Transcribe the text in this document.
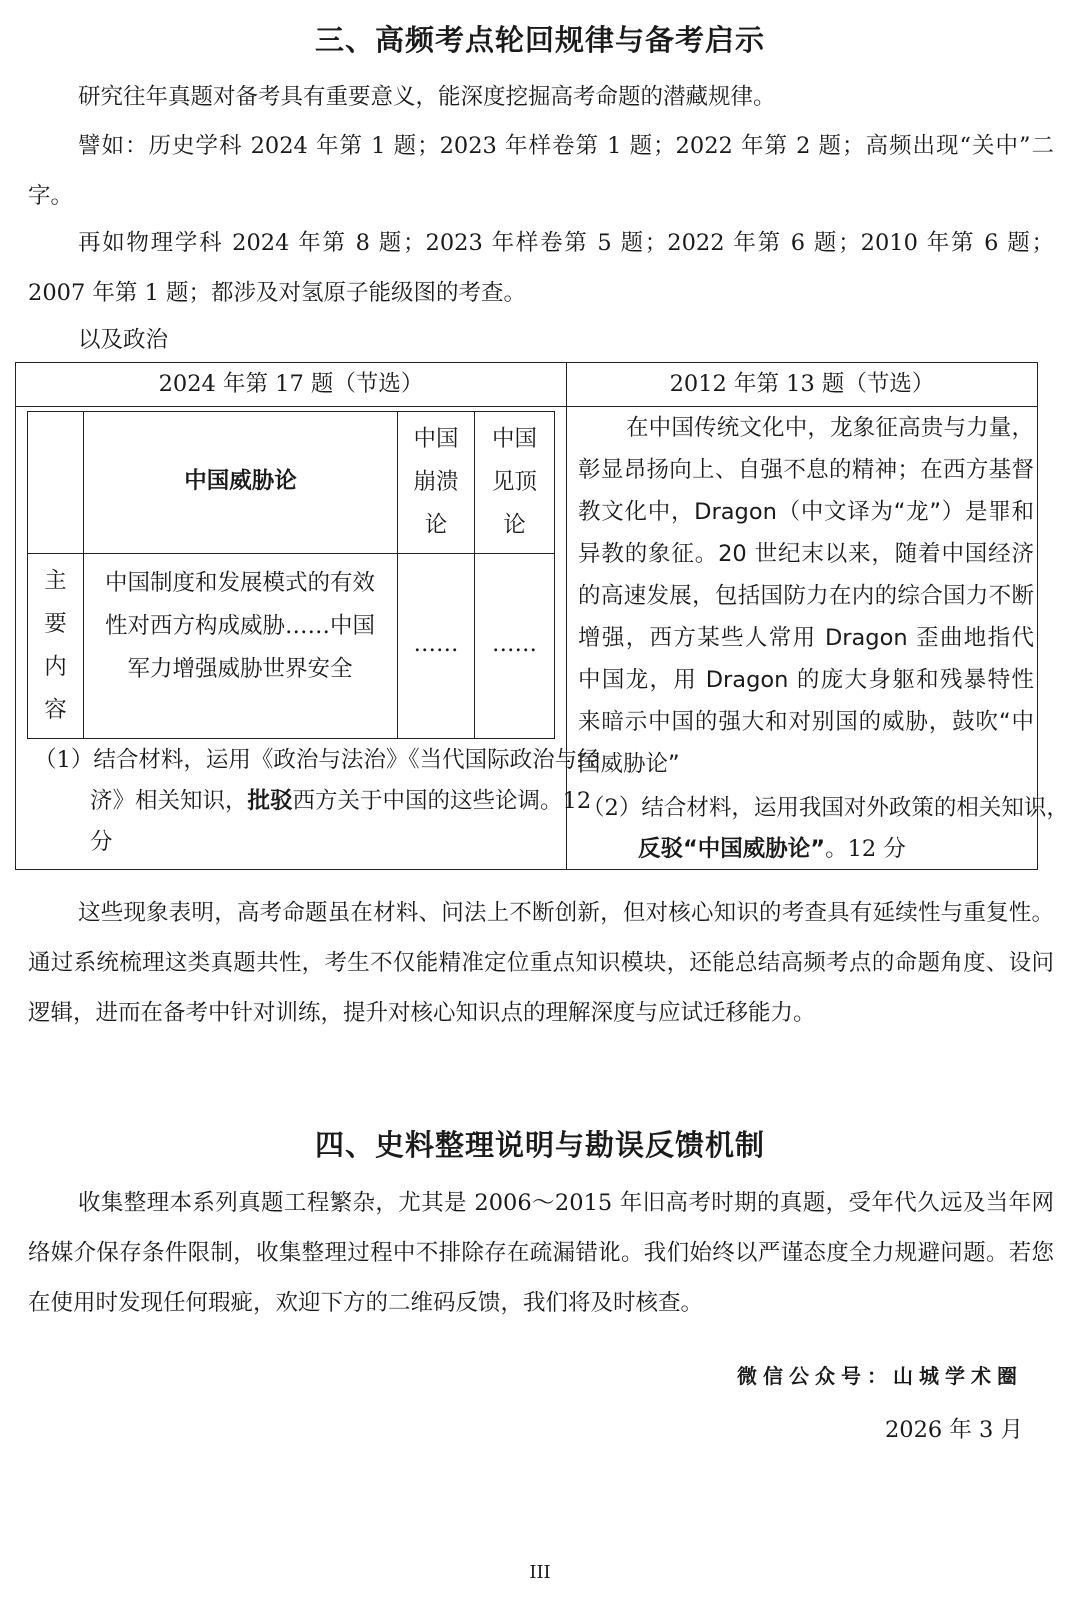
三、高频考点轮回规律与备考启示

研究往年真题对备考具有重要意义，能深度挖掘高考命题的潜藏规律。

譬如：历史学科 2024 年第 1 题；2023 年样卷第 1 题；2022 年第 2 题；高频出现“关中”二字。

再如物理学科 2024 年第 8 题；2023 年样卷第 5 题；2022 年第 6 题；2010 年第 6 题；2007 年第 1 题；都涉及对氢原子能级图的考查。

以及政治
2024 年第 17 题（节选）	2012 年第 13 题（节选）
中国威胁论
中国
崩溃
论
中国
见顶
论
主
要
内
容
中国制度和发展模式的有效性对西方构成威胁……中国军力增强威胁世界安全
……	……

在中国传统文化中，龙象征高贵与力量，彰显昂扬向上、自强不息的精神；在西方基督教文化中，Dragon（中文译为“龙”）是罪和异教的象征。20 世纪末以来，随着中国经济的高速发展，包括国防力在内的综合国力不断增强，西方某些人常用 Dragon 歪曲地指代中国龙，用 Dragon 的庞大身躯和残暴特性来暗示中国的强大和对别国的威胁，鼓吹“中国威胁论”

（1）结合材料，运用《政治与法治》《当代国际政治与经济》相关知识，批驳西方关于中国的这些论调。12 分
（2）结合材料，运用我国对外政策的相关知识，反驳“中国威胁论”。12 分

这些现象表明，高考命题虽在材料、问法上不断创新，但对核心知识的考查具有延续性与重复性。通过系统梳理这类真题共性，考生不仅能精准定位重点知识模块，还能总结高频考点的命题角度、设问逻辑，进而在备考中针对训练，提升对核心知识点的理解深度与应试迁移能力。

四、史料整理说明与勘误反馈机制

收集整理本系列真题工程繁杂，尤其是 2006～2015 年旧高考时期的真题，受年代久远及当年网络媒介保存条件限制，收集整理过程中不排除存在疏漏错讹。我们始终以严谨态度全力规避问题。若您在使用时发现任何瑕疵，欢迎下方的二维码反馈，我们将及时核查。

微信公众号：山城学术圈
2026 年 3 月
III
